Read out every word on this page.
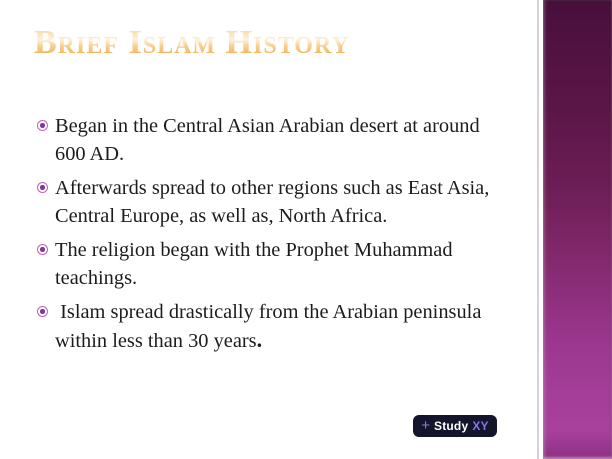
Brief Islam History
Began in the Central Asian Arabian desert at around 600 AD.
Afterwards spread to other regions such as East Asia, Central Europe, as well as, North Africa.
The religion began with the Prophet Muhammad teachings.
Islam spread drastically from the Arabian peninsula within less than 30 years.
+ Study XY
